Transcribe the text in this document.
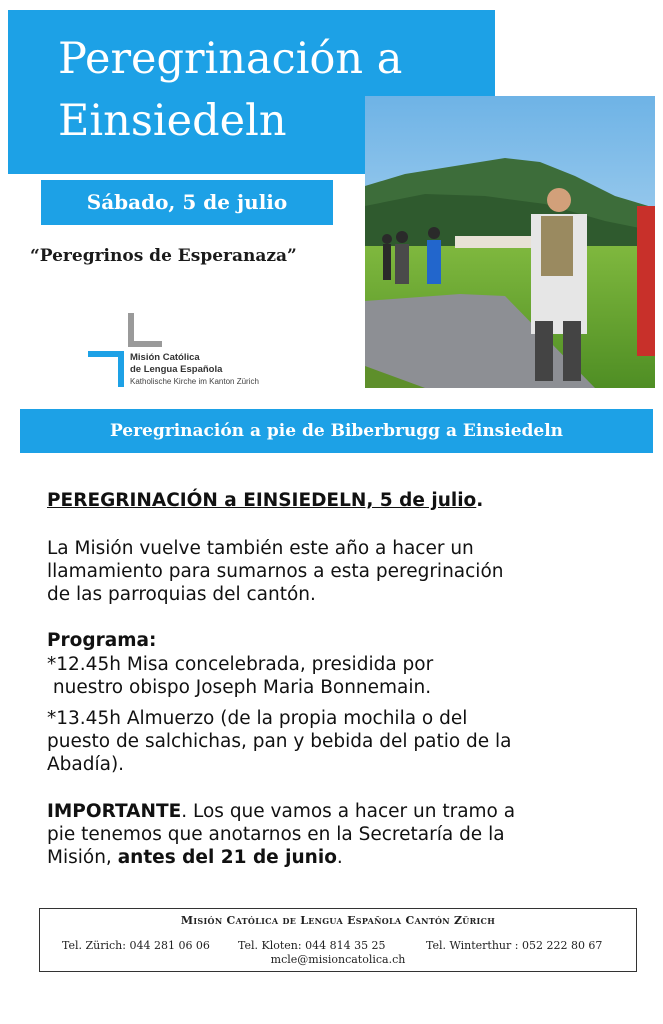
Peregrinación a
Einsiedeln
Sábado, 5 de julio
“Peregrinos de Esperanaza”
Misión Católica
de Lengua Española
Katholische Kirche im Kanton Zürich
Peregrinación a pie de Biberbrugg a Einsiedeln
PEREGRINACIÓN a EINSIEDELN, 5 de julio.
La Misión vuelve también este año a hacer un
llamamiento para sumarnos a esta peregrinación
de las parroquias del cantón.
Programa:
*12.45h Misa concelebrada, presidida por
nuestro obispo Joseph Maria Bonnemain.
*13.45h Almuerzo (de la propia mochila o del
puesto de salchichas, pan y bebida del patio de la
Abadía).
IMPORTANTE. Los que vamos a hacer un tramo a
pie tenemos que anotarnos en la Secretaría de la
Misión, antes del 21 de junio.
Misión Católica de Lengua Española Cantón Zürich
Tel. Zürich: 044 281 06 06	Tel. Kloten: 044 814 35 25	Tel. Winterthur : 052 222 80 67
mcle@misioncatolica.ch
